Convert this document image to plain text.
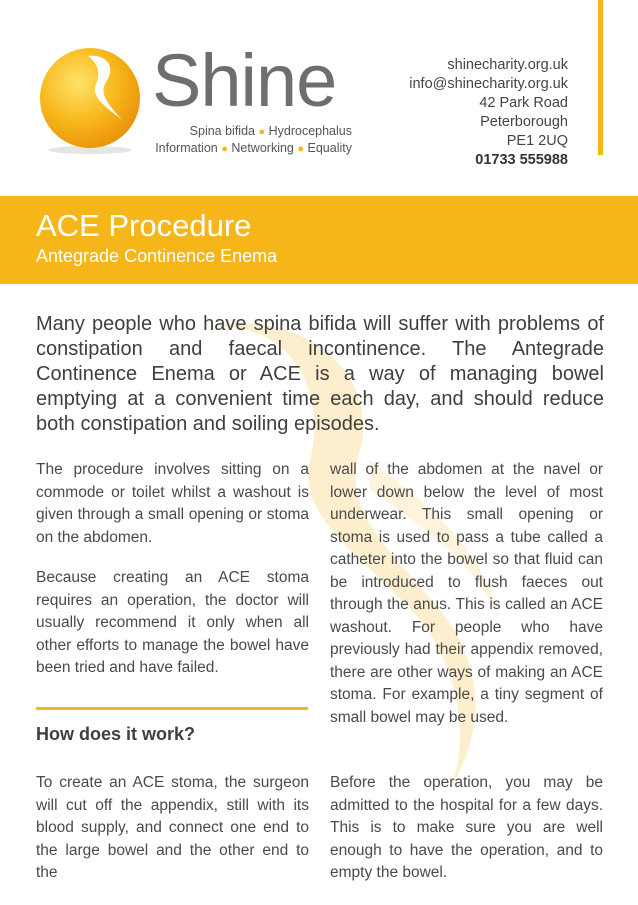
Shine
Spina bifida ● Hydrocephalus
Information ● Networking ● Equality
shinecharity.org.uk
info@shinecharity.org.uk
42 Park Road
Peterborough
PE1 2UQ
01733 555988
ACE Procedure
Antegrade Continence Enema

Many people who have spina bifida will suffer with problems of constipation and faecal incontinence. The Antegrade Continence Enema or ACE is a way of managing bowel emptying at a convenient time each day, and should reduce both constipation and soiling episodes.

The procedure involves sitting on a commode or toilet whilst a washout is given through a small opening or stoma on the abdomen.

Because creating an ACE stoma requires an operation, the doctor will usually recommend it only when all other efforts to manage the bowel have been tried and have failed.

How does it work?

To create an ACE stoma, the surgeon will cut off the appendix, still with its blood supply, and connect one end to the large bowel and the other end to the

wall of the abdomen at the navel or lower down below the level of most underwear. This small opening or stoma is used to pass a tube called a catheter into the bowel so that fluid can be introduced to flush faeces out through the anus. This is called an ACE washout. For people who have previously had their appendix removed, there are other ways of making an ACE stoma. For example, a tiny segment of small bowel may be used.

Before the operation, you may be admitted to the hospital for a few days. This is to make sure you are well enough to have the operation, and to empty the bowel.
